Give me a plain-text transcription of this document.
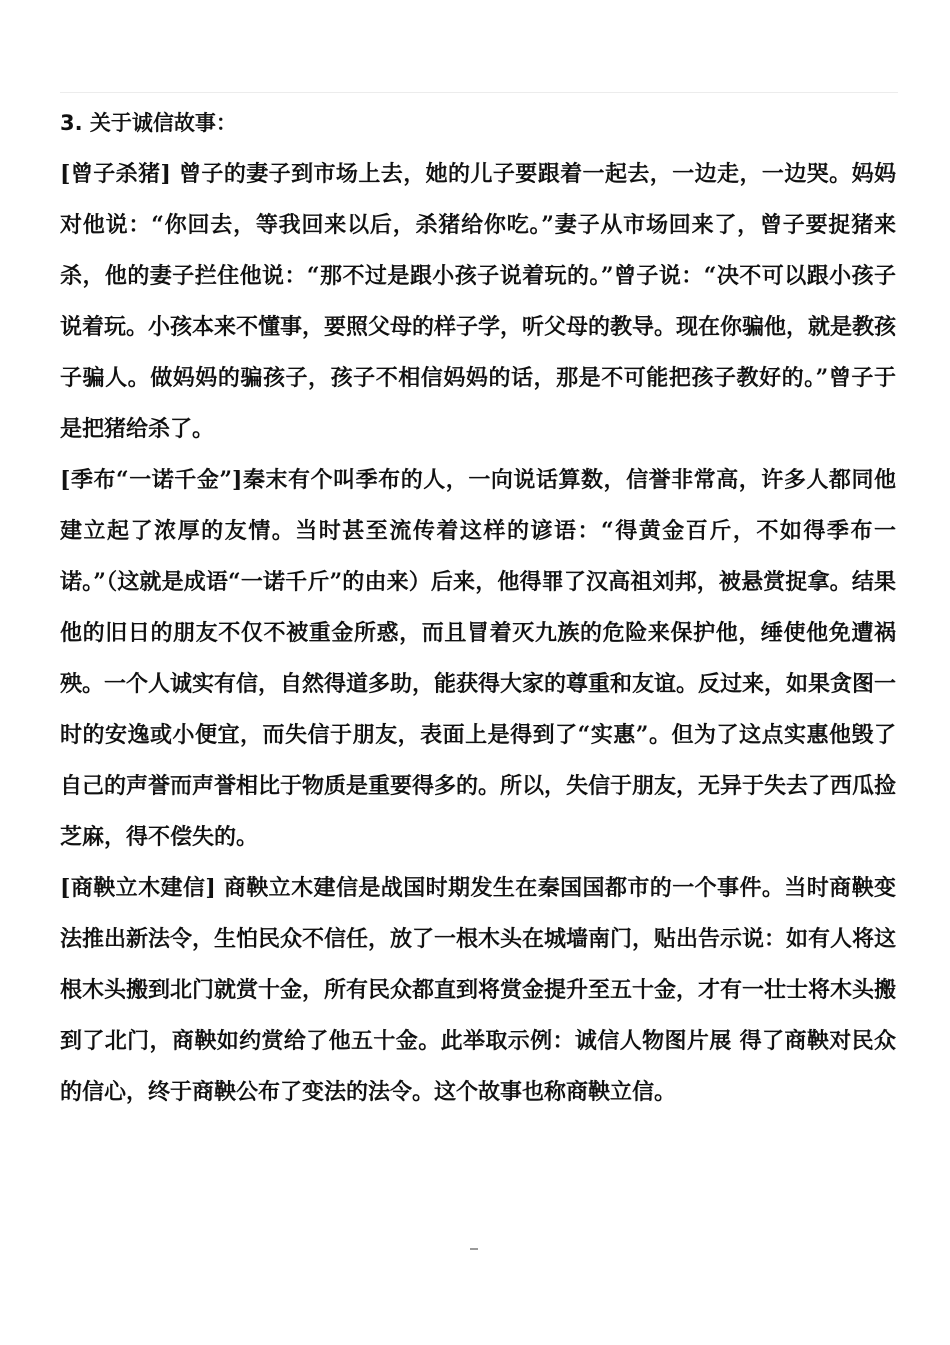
3. 关于诚信故事：

[曾子杀猪] 曾子的妻子到市场上去，她的儿子要跟着一起去，一边走，一边哭。妈妈对他说：“你回去，等我回来以后，杀猪给你吃。”妻子从市场回来了，曾子要捉猪来杀，他的妻子拦住他说：“那不过是跟小孩子说着玩的。”曾子说：“决不可以跟小孩子说着玩。小孩本来不懂事，要照父母的样子学，听父母的教导。现在你骗他，就是教孩子骗人。做妈妈的骗孩子，孩子不相信妈妈的话，那是不可能把孩子教好的。”曾子于是把猪给杀了。

[季布“一诺千金”]秦末有个叫季布的人，一向说话算数，信誉非常高，许多人都同他建立起了浓厚的友情。当时甚至流传着这样的谚语：“得黄金百斤，不如得季布一诺。”（这就是成语“一诺千斤”的由来）后来，他得罪了汉高祖刘邦，被悬赏捉拿。结果他的旧日的朋友不仅不被重金所惑，而且冒着灭九族的危险来保护他，缍使他免遭祸殃。一个人诚实有信，自然得道多助，能获得大家的尊重和友谊。反过来，如果贪图一时的安逸或小便宜，而失信于朋友，表面上是得到了“实惠”。但为了这点实惠他毁了自己的声誉而声誉相比于物质是重要得多的。所以，失信于朋友，无异于失去了西瓜捡芝麻，得不偿失的。

[商鞅立木建信] 商鞅立木建信是战国时期发生在秦国国都市的一个事件。当时商鞅变法推出新法令，生怕民众不信任，放了一根木头在城墙南门，贴出告示说：如有人将这根木头搬到北门就赏十金，所有民众都直到将赏金提升至五十金，才有一壮士将木头搬到了北门，商鞅如约赏给了他五十金。此举取示例：诚信人物图片展 得了商鞅对民众的信心，终于商鞅公布了变法的法令。这个故事也称商鞅立信。
